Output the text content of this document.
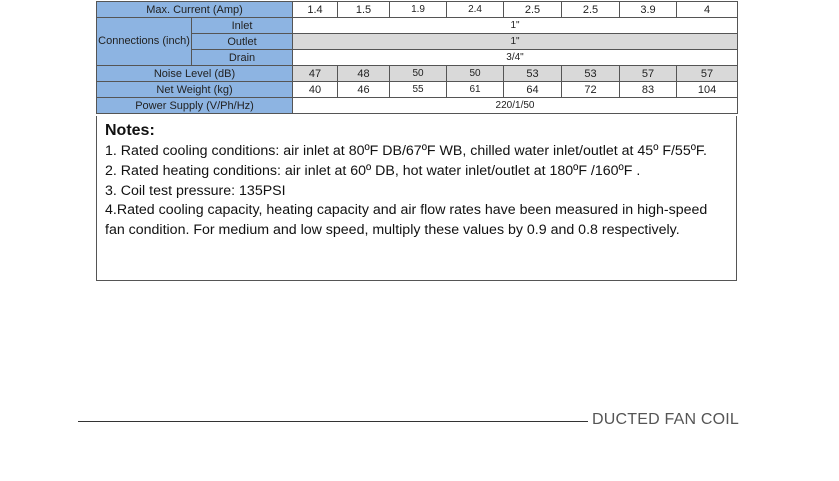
Max. Current (Amp)		1.4	1.5	1.9	2.4	2.5	2.5	3.9	4
Connections (inch)	Inlet	1"							
	Outlet	1"							
	Drain	3/4"							
Noise Level (dB)		47	48	50	50	53	53	57	57
Net Weight (kg)		40	46	55	61	64	72	83	104
Power Supply (V/Ph/Hz)		220/1/50							
Notes:

1. Rated cooling conditions: air inlet at 80ºF DB/67ºF WB, chilled water inlet/outlet at 45º F/55ºF.

2. Rated heating conditions: air inlet at 60º DB, hot water inlet/outlet at 180ºF /160ºF .

3. Coil test pressure: 135PSI

4.Rated cooling capacity, heating capacity and air flow rates have been measured in high-speed fan condition. For medium and low speed, multiply these values by 0.9 and 0.8 respectively.

DUCTED FAN COIL
